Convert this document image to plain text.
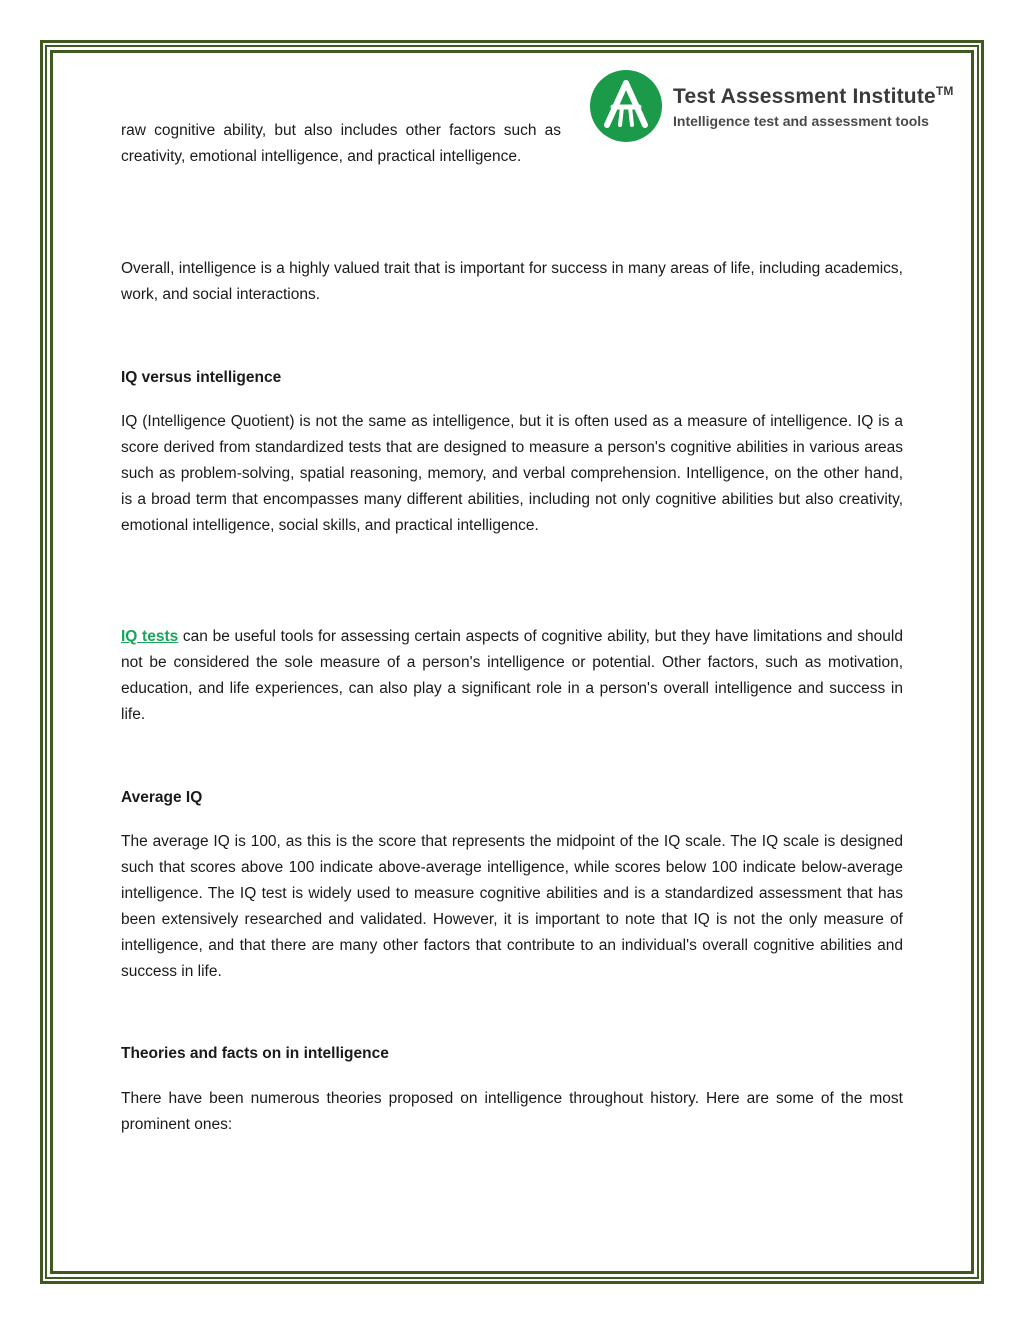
Test Assessment Institute™
Intelligence test and assessment tools
raw cognitive ability, but also includes other factors such as creativity, emotional intelligence, and practical intelligence.
Overall, intelligence is a highly valued trait that is important for success in many areas of life, including academics, work, and social interactions.
IQ versus intelligence
IQ (Intelligence Quotient) is not the same as intelligence, but it is often used as a measure of intelligence. IQ is a score derived from standardized tests that are designed to measure a person's cognitive abilities in various areas such as problem-solving, spatial reasoning, memory, and verbal comprehension. Intelligence, on the other hand, is a broad term that encompasses many different abilities, including not only cognitive abilities but also creativity, emotional intelligence, social skills, and practical intelligence.
IQ tests can be useful tools for assessing certain aspects of cognitive ability, but they have limitations and should not be considered the sole measure of a person's intelligence or potential. Other factors, such as motivation, education, and life experiences, can also play a significant role in a person's overall intelligence and success in life.
Average IQ
The average IQ is 100, as this is the score that represents the midpoint of the IQ scale. The IQ scale is designed such that scores above 100 indicate above-average intelligence, while scores below 100 indicate below-average intelligence. The IQ test is widely used to measure cognitive abilities and is a standardized assessment that has been extensively researched and validated. However, it is important to note that IQ is not the only measure of intelligence, and that there are many other factors that contribute to an individual's overall cognitive abilities and success in life.
Theories and facts on in intelligence
There have been numerous theories proposed on intelligence throughout history. Here are some of the most prominent ones:
